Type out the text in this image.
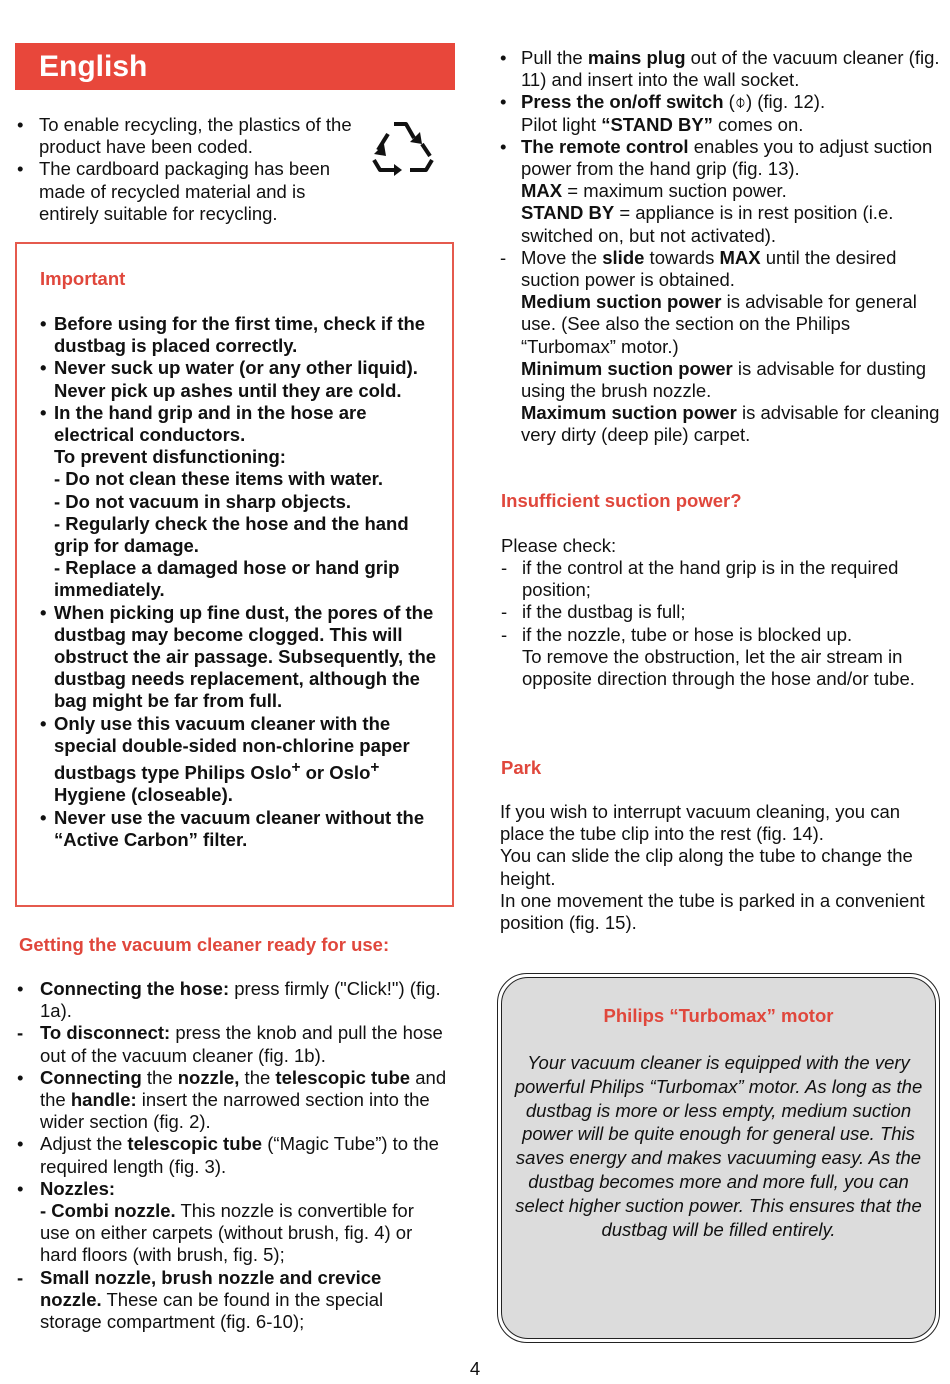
English
• To enable recycling, the plastics of the product have been coded.
• The cardboard packaging has been made of recycled material and is entirely suitable for recycling.
Important
• Before using for the first time, check if the dustbag is placed correctly.
• Never suck up water (or any other liquid). Never pick up ashes until they are cold.
• In the hand grip and in the hose are electrical conductors.
To prevent disfunctioning:
- Do not clean these items with water.
- Do not vacuum in sharp objects.
- Regularly check the hose and the hand grip for damage.
- Replace a damaged hose or hand grip immediately.
• When picking up fine dust, the pores of the dustbag may become clogged. This will obstruct the air passage. Subsequently, the dustbag needs replacement, although the bag might be far from full.
• Only use this vacuum cleaner with the special double-sided non-chlorine paper dustbags type Philips Oslo+ or Oslo+ Hygiene (closeable).
• Never use the vacuum cleaner without the “Active Carbon” filter.
Getting the vacuum cleaner ready for use:
• Connecting the hose: press firmly ("Click!") (fig. 1a).
- To disconnect: press the knob and pull the hose out of the vacuum cleaner (fig. 1b).
• Connecting the nozzle, the telescopic tube and the handle: insert the narrowed section into the wider section (fig. 2).
• Adjust the telescopic tube (“Magic Tube”) to the required length (fig. 3).
• Nozzles:
- Combi nozzle. This nozzle is convertible for use on either carpets (without brush, fig. 4) or hard floors (with brush, fig. 5);
- Small nozzle, brush nozzle and crevice nozzle. These can be found in the special storage compartment (fig. 6-10);
• Pull the mains plug out of the vacuum cleaner (fig. 11) and insert into the wall socket.
• Press the on/off switch (⌽) (fig. 12).
Pilot light “STAND BY” comes on.
• The remote control enables you to adjust suction power from the hand grip (fig. 13).
MAX = maximum suction power.
STAND BY = appliance is in rest position (i.e. switched on, but not activated).
- Move the slide towards MAX until the desired suction power is obtained.
Medium suction power is advisable for general use. (See also the section on the Philips “Turbomax” motor.)
Minimum suction power is advisable for dusting using the brush nozzle.
Maximum suction power is advisable for cleaning very dirty (deep pile) carpet.
Insufficient suction power?
Please check:
- if the control at the hand grip is in the required position;
- if the dustbag is full;
- if the nozzle, tube or hose is blocked up.
To remove the obstruction, let the air stream in opposite direction through the hose and/or tube.
Park
If you wish to interrupt vacuum cleaning, you can place the tube clip into the rest (fig. 14).
You can slide the clip along the tube to change the height.
In one movement the tube is parked in a convenient position (fig. 15).
Philips “Turbomax” motor
Your vacuum cleaner is equipped with the very powerful Philips “Turbomax” motor. As long as the dustbag is more or less empty, medium suction power will be quite enough for general use. This saves energy and makes vacuuming easy. As the dustbag becomes more and more full, you can select higher suction power. This ensures that the dustbag will be filled entirely.
4
